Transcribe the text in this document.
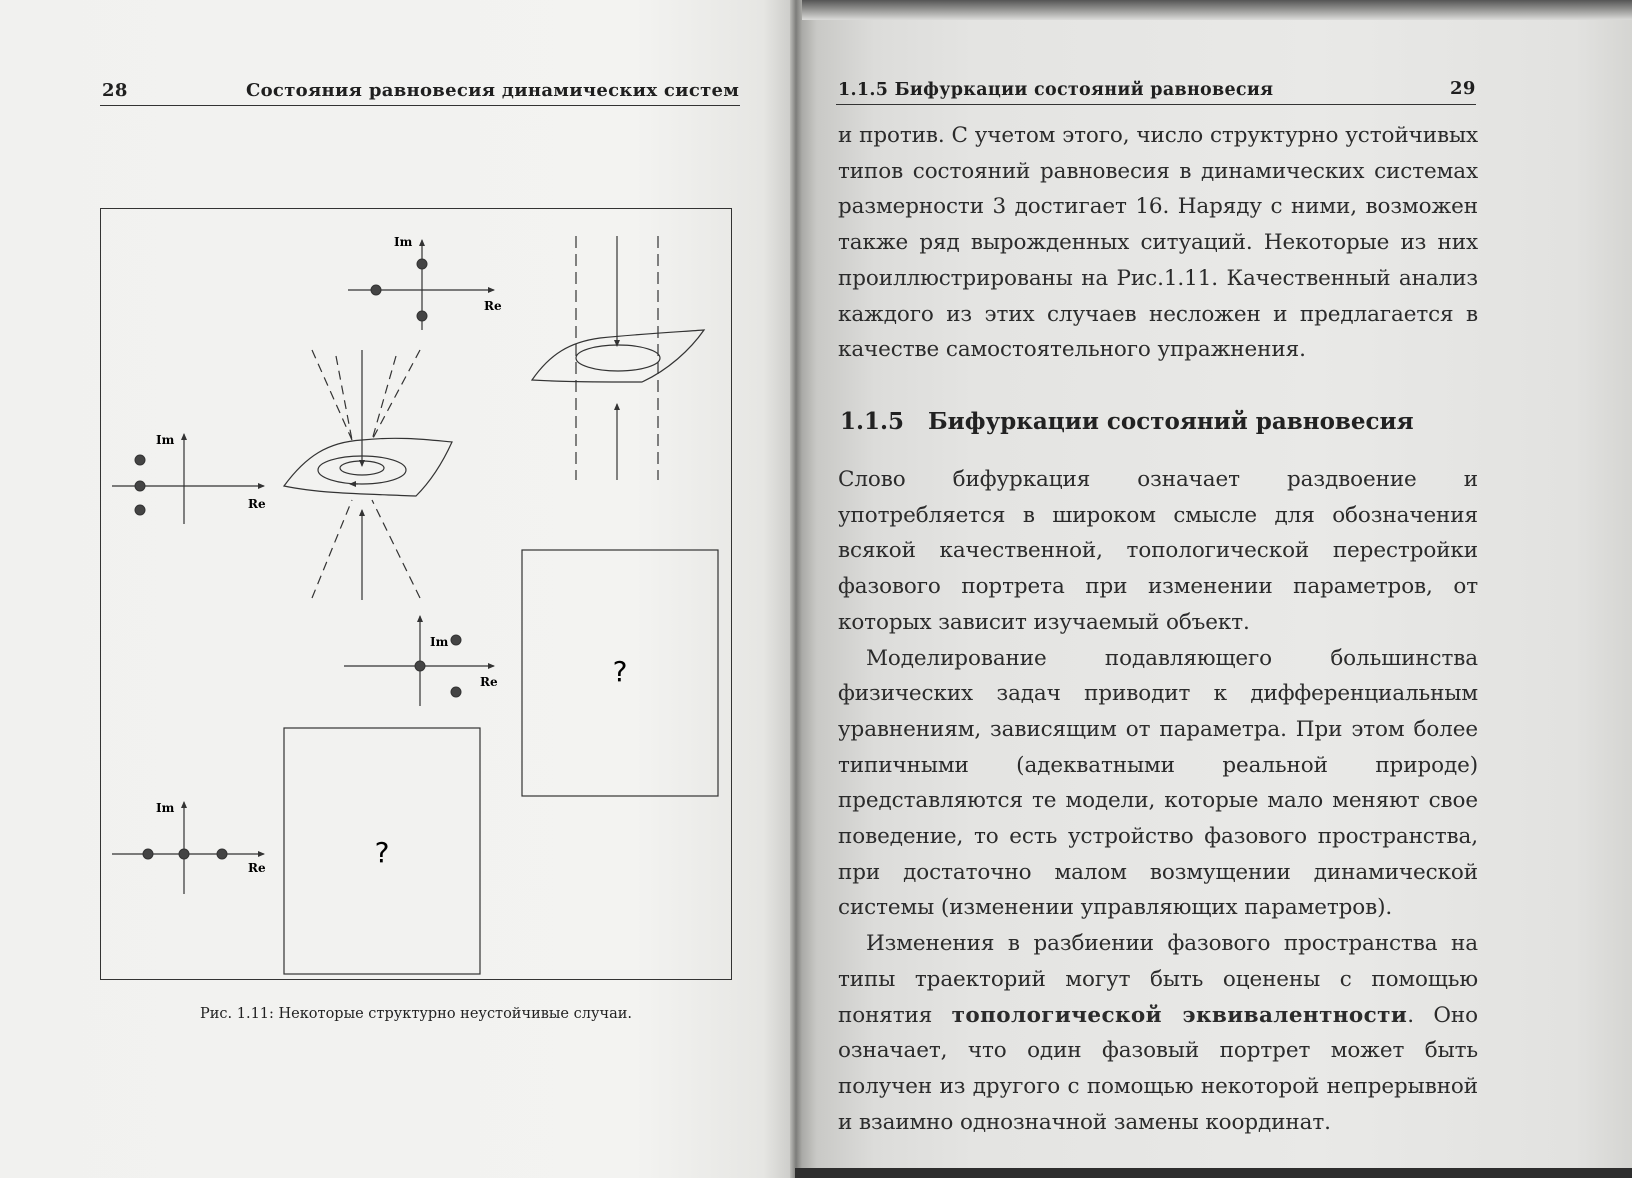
28	Состояния равновесия динамических систем
Im
Re
Im
Re
Im
Re	?
?
Im
Re
Рис. 1.11: Некоторые структурно неустойчивые случаи.
1.1.5 Бифуркации состояний равновесия	29

и против. С учетом этого, число структурно устойчивых типов состояний равновесия в динамических системах размерности 3 достигает 16. Наряду с ними, возможен также ряд вырожденных ситуаций. Некоторые из них проиллюстрированы на Рис.1.11. Качественный анализ каждого из этих случаев несложен и предлагается в качестве самостоятельного упражнения.

1.1.5 Бифуркации состояний равновесия

Слово бифуркация означает раздвоение и употребляется в широком смысле для обозначения всякой качественной, топологической перестройки фазового портрета при изменении параметров, от которых зависит изучаемый объект.

Моделирование подавляющего большинства физических задач приводит к дифференциальным уравнениям, зависящим от параметра. При этом более типичными (адекватными реальной природе) представляются те модели, которые мало меняют свое поведение, то есть устройство фазового пространства, при достаточно малом возмущении динамической системы (изменении управляющих параметров).

Изменения в разбиении фазового пространства на типы траекторий могут быть оценены с помощью понятия топологической эквивалентности. Оно означает, что один фазовый портрет может быть получен из другого с помощью некоторой непрерывной и взаимно однозначной замены координат.
